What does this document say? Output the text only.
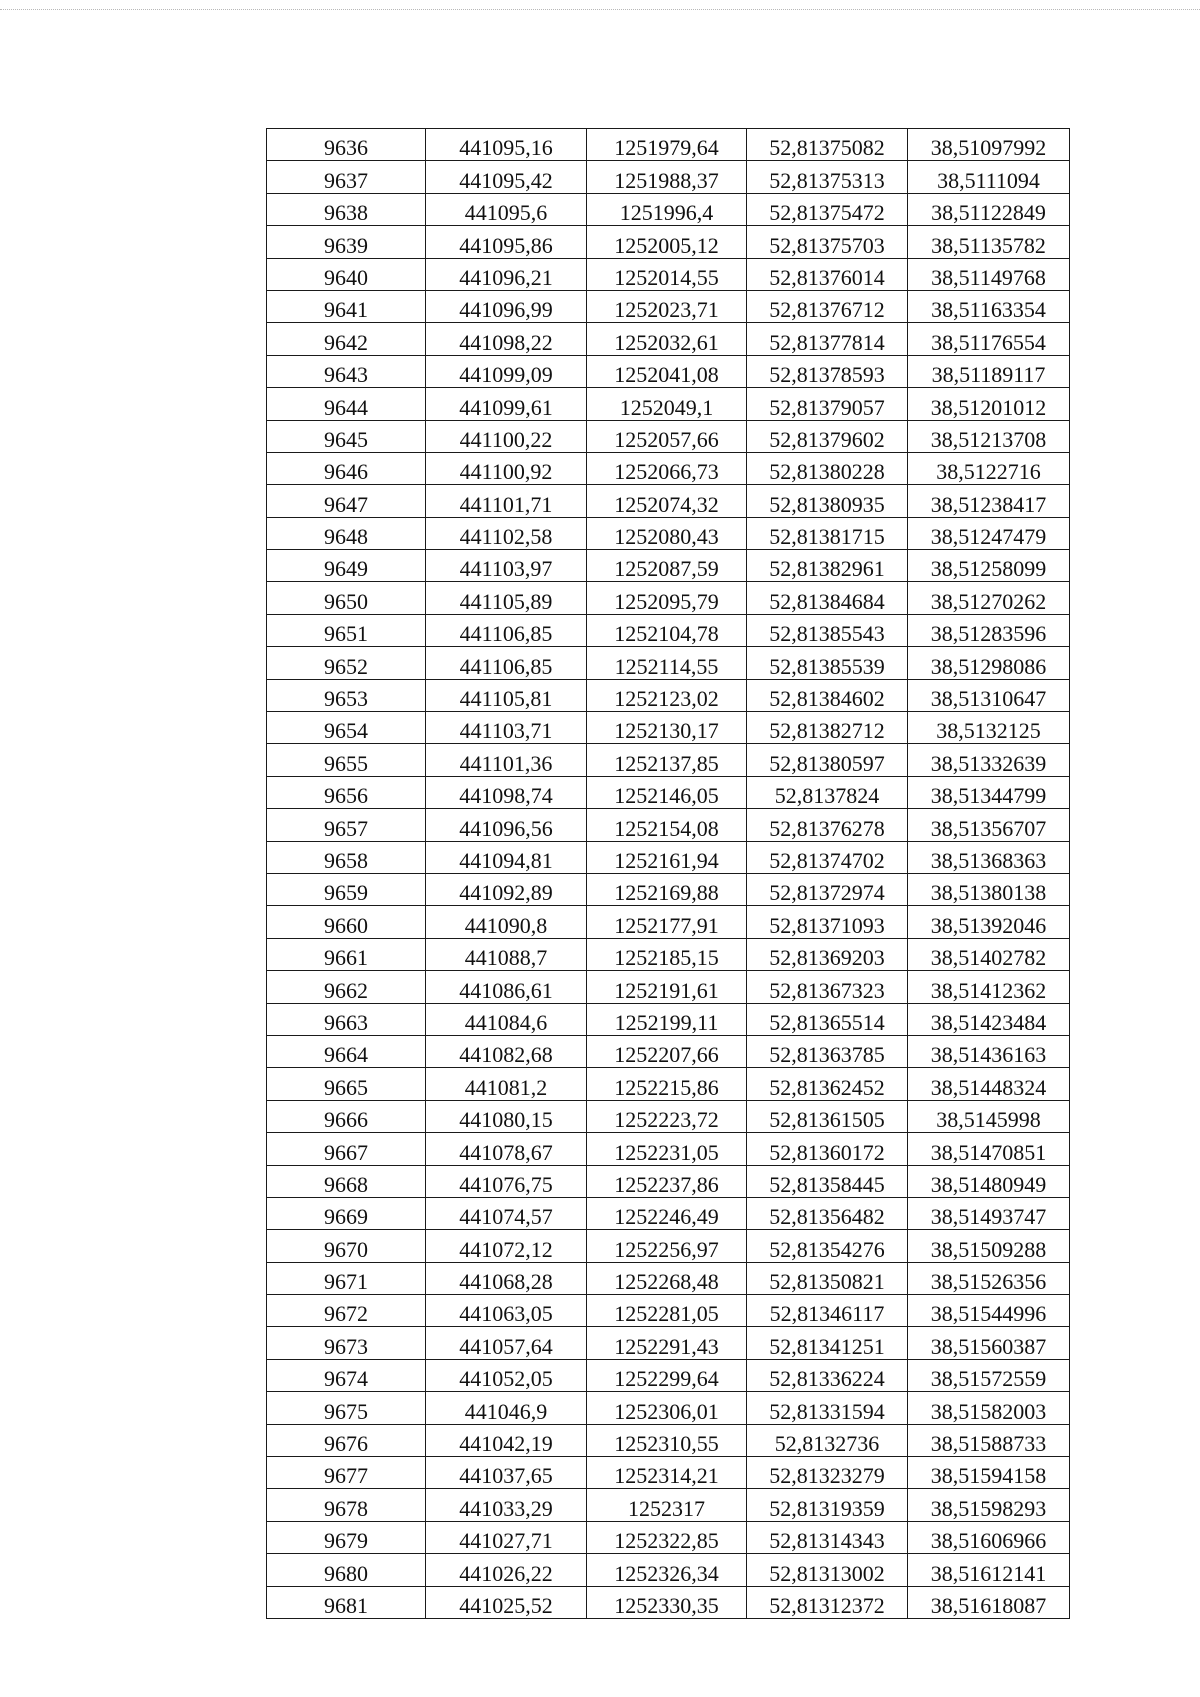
9636	441095,16	1251979,64	52,81375082	38,51097992
9637	441095,42	1251988,37	52,81375313	38,5111094
9638	441095,6	1251996,4	52,81375472	38,51122849
9639	441095,86	1252005,12	52,81375703	38,51135782
9640	441096,21	1252014,55	52,81376014	38,51149768
9641	441096,99	1252023,71	52,81376712	38,51163354
9642	441098,22	1252032,61	52,81377814	38,51176554
9643	441099,09	1252041,08	52,81378593	38,51189117
9644	441099,61	1252049,1	52,81379057	38,51201012
9645	441100,22	1252057,66	52,81379602	38,51213708
9646	441100,92	1252066,73	52,81380228	38,5122716
9647	441101,71	1252074,32	52,81380935	38,51238417
9648	441102,58	1252080,43	52,81381715	38,51247479
9649	441103,97	1252087,59	52,81382961	38,51258099
9650	441105,89	1252095,79	52,81384684	38,51270262
9651	441106,85	1252104,78	52,81385543	38,51283596
9652	441106,85	1252114,55	52,81385539	38,51298086
9653	441105,81	1252123,02	52,81384602	38,51310647
9654	441103,71	1252130,17	52,81382712	38,5132125
9655	441101,36	1252137,85	52,81380597	38,51332639
9656	441098,74	1252146,05	52,8137824	38,51344799
9657	441096,56	1252154,08	52,81376278	38,51356707
9658	441094,81	1252161,94	52,81374702	38,51368363
9659	441092,89	1252169,88	52,81372974	38,51380138
9660	441090,8	1252177,91	52,81371093	38,51392046
9661	441088,7	1252185,15	52,81369203	38,51402782
9662	441086,61	1252191,61	52,81367323	38,51412362
9663	441084,6	1252199,11	52,81365514	38,51423484
9664	441082,68	1252207,66	52,81363785	38,51436163
9665	441081,2	1252215,86	52,81362452	38,51448324
9666	441080,15	1252223,72	52,81361505	38,5145998
9667	441078,67	1252231,05	52,81360172	38,51470851
9668	441076,75	1252237,86	52,81358445	38,51480949
9669	441074,57	1252246,49	52,81356482	38,51493747
9670	441072,12	1252256,97	52,81354276	38,51509288
9671	441068,28	1252268,48	52,81350821	38,51526356
9672	441063,05	1252281,05	52,81346117	38,51544996
9673	441057,64	1252291,43	52,81341251	38,51560387
9674	441052,05	1252299,64	52,81336224	38,51572559
9675	441046,9	1252306,01	52,81331594	38,51582003
9676	441042,19	1252310,55	52,8132736	38,51588733
9677	441037,65	1252314,21	52,81323279	38,51594158
9678	441033,29	1252317	52,81319359	38,51598293
9679	441027,71	1252322,85	52,81314343	38,51606966
9680	441026,22	1252326,34	52,81313002	38,51612141
9681	441025,52	1252330,35	52,81312372	38,51618087
